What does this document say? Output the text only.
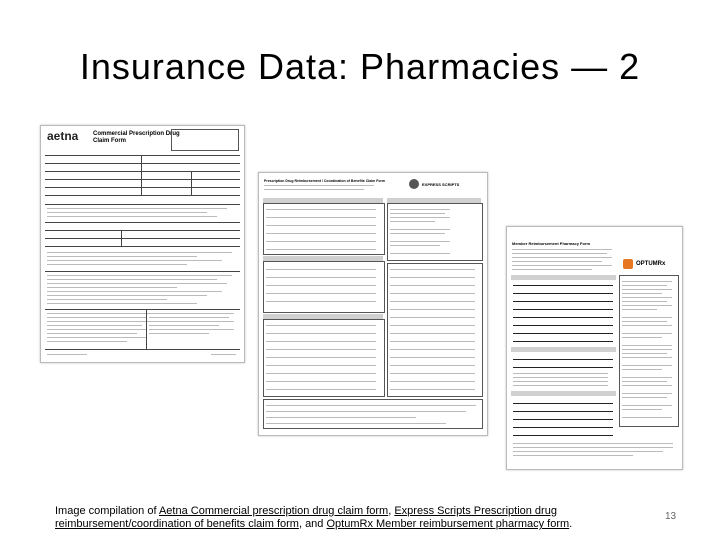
Insurance Data: Pharmacies — 2
aetna Commercial Prescription Drug
Claim Form
Prescription Drug Reimbursement / Coordination of Benefits Claim Form
EXPRESS SCRIPTS
Member Reimbursement Pharmacy Form
OPTUMRx
Image compilation of Aetna Commercial prescription drug claim form, Express Scripts Prescription drug reimbursement/coordination of benefits claim form, and OptumRx Member reimbursement pharmacy form.
13
